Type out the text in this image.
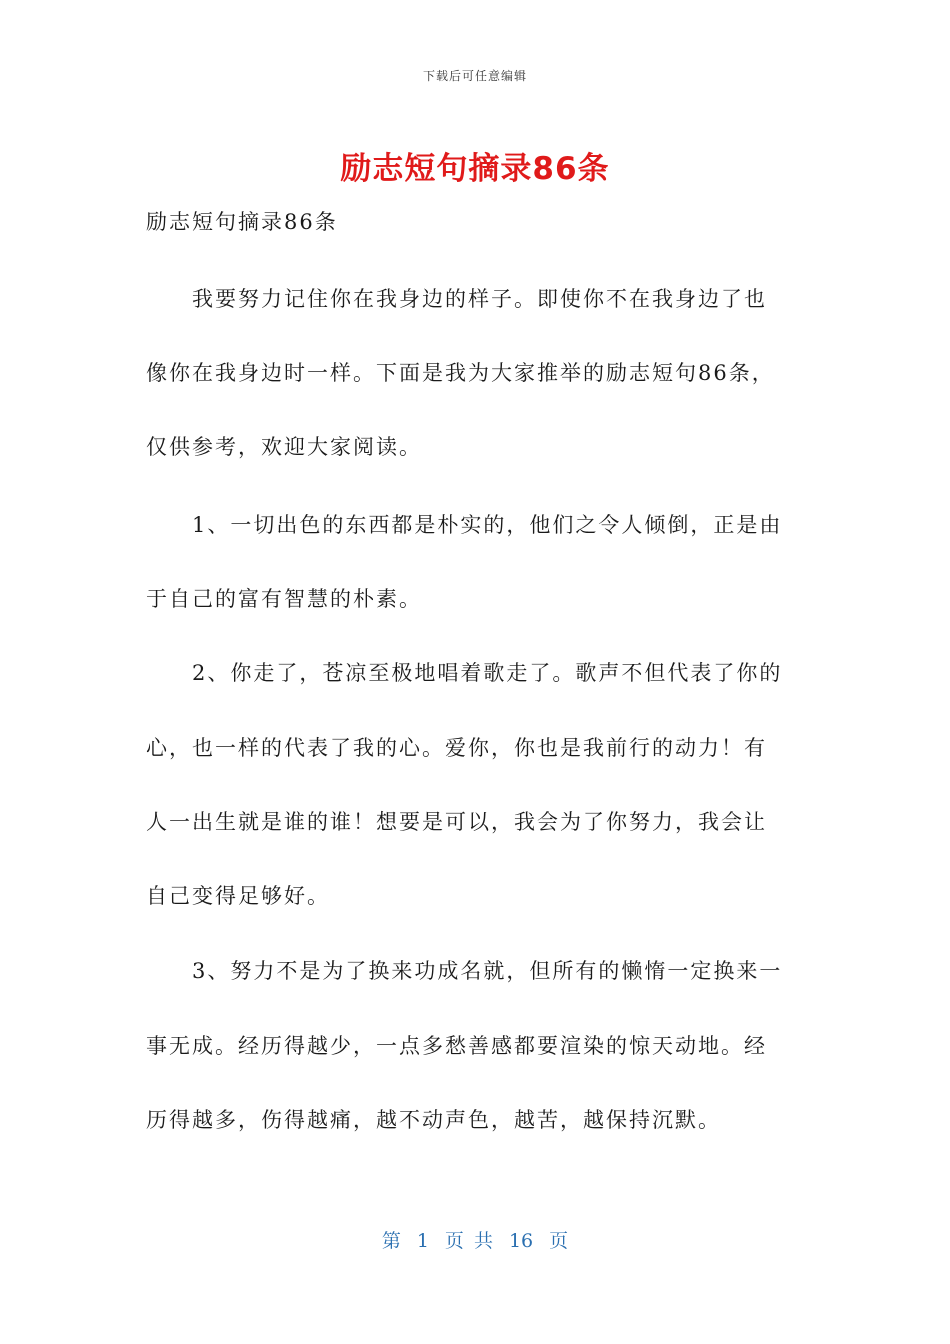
下载后可任意编辑
励志短句摘录86条
励志短句摘录86条
我要努力记住你在我身边的样子。即使你不在我身边了也
像你在我身边时一样。下面是我为大家推举的励志短句86条，
仅供参考，欢迎大家阅读。
1、一切出色的东西都是朴实的，他们之令人倾倒，正是由
于自己的富有智慧的朴素。
2、你走了，苍凉至极地唱着歌走了。歌声不但代表了你的
心，也一样的代表了我的心。爱你，你也是我前行的动力！有
人一出生就是谁的谁！想要是可以，我会为了你努力，我会让
自己变得足够好。
3、努力不是为了换来功成名就，但所有的懒惰一定换来一
事无成。经历得越少，一点多愁善感都要渲染的惊天动地。经
历得越多，伤得越痛，越不动声色，越苦，越保持沉默。
第 1 页 共 16 页
